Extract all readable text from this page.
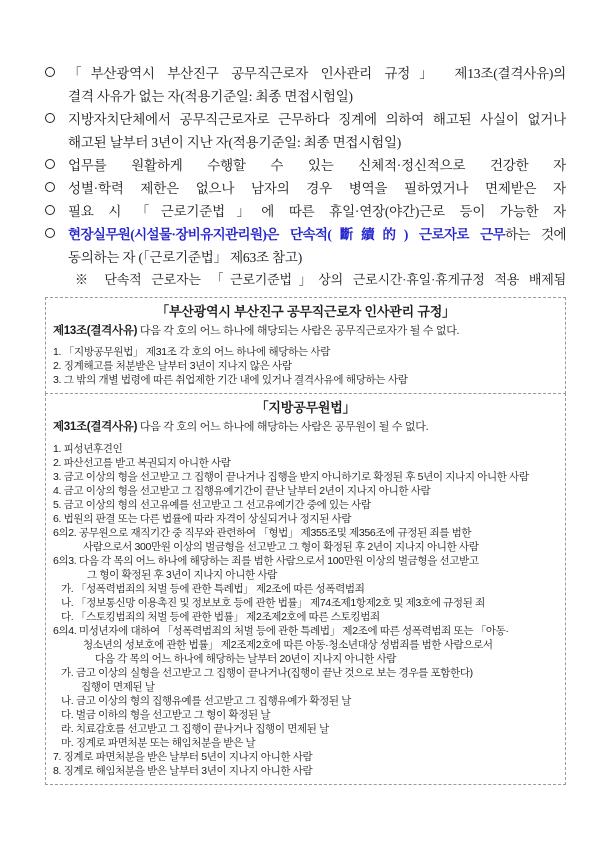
「부산광역시 부산진구 공무직근로자 인사관리 규정」 제13조(결격사유)의
결격 사유가 없는 자(적용기준일: 최종 면접시험일)
지방자치단체에서 공무직근로자로 근무하다 징계에 의하여 해고된 사실이 없거나
해고된 날부터 3년이 지난 자(적용기준일: 최종 면접시험일)
업무를 원활하게 수행할 수 있는 신체적·정신적으로 건강한 자
성별·학력 제한은 없으나 남자의 경우 병역을 필하였거나 면제받은 자
필요 시 「근로기준법」에 따른 휴일·연장(야간)근로 등이 가능한 자
현장실무원(시설물·장비유지관리원)은 단속적(斷續的) 근로자로 근무하는 것에
동의하는 자 (「근로기준법」 제63조 참고)
※ 단속적 근로자는 「근로기준법」상의 근로시간·휴일·휴게규정 적용 배제됨
「부산광역시 부산진구 공무직근로자 인사관리 규정」
제13조(결격사유) 다음 각 호의 어느 하나에 해당되는 사람은 공무직근로자가 될 수 없다.
1. 「지방공무원법」 제31조 각 호의 어느 하나에 해당하는 사람
2. 징계해고를 처분받은 날부터 3년이 지나지 않은 사람
3. 그 밖의 개별 법령에 따른 취업제한 기간 내에 있거나 결격사유에 해당하는 사람
「지방공무원법」
제31조(결격사유) 다음 각 호의 어느 하나에 해당하는 사람은 공무원이 될 수 없다.
1. 피성년후견인
2. 파산선고를 받고 복권되지 아니한 사람
3. 금고 이상의 형을 선고받고 그 집행이 끝나거나 집행을 받지 아니하기로 확정된 후 5년이 지나지 아니한 사람
4. 금고 이상의 형을 선고받고 그 집행유예기간이 끝난 날부터 2년이 지나지 아니한 사람
5. 금고 이상의 형의 선고유예를 선고받고 그 선고유예기간 중에 있는 사람
6. 법원의 판결 또는 다른 법률에 따라 자격이 상실되거나 정지된 사람
6의2. 공무원으로 재직기간 중 직무와 관련하여 「형법」 제355조및 제356조에 규정된 죄를 범한
사람으로서 300만원 이상의 벌금형을 선고받고 그 형이 확정된 후 2년이 지나지 아니한 사람
6의3. 다음 각 목의 어느 하나에 해당하는 죄를 범한 사람으로서 100만원 이상의 벌금형을 선고받고
그 형이 확정된 후 3년이 지나지 아니한 사람
가. 「성폭력범죄의 처벌 등에 관한 특례법」 제2조에 따른 성폭력범죄
나. 「정보통신망 이용촉진 및 정보보호 등에 관한 법률」 제74조제1항제2호 및 제3호에 규정된 죄
다. 「스토킹범죄의 처벌 등에 관한 법률」 제2조제2호에 따른 스토킹범죄
6의4. 미성년자에 대하여 「성폭력범죄의 처벌 등에 관한 특례법」 제2조에 따른 성폭력범죄 또는 「아동·
청소년의 성보호에 관한 법률」 제2조제2호에 따른 아동·청소년대상 성범죄를 범한 사람으로서
다음 각 목의 어느 하나에 해당하는 날부터 20년이 지나지 아니한 사람
가. 금고 이상의 실형을 선고받고 그 집행이 끝나거나(집행이 끝난 것으로 보는 경우를 포함한다)
집행이 면제된 날
나. 금고 이상의 형의 집행유예를 선고받고 그 집행유예가 확정된 날
다. 벌금 이하의 형을 선고받고 그 형이 확정된 날
라. 치료감호를 선고받고 그 집행이 끝나거나 집행이 면제된 날
마. 징계로 파면처분 또는 해임처분을 받은 날
7. 징계로 파면처분을 받은 날부터 5년이 지나지 아니한 사람
8. 징계로 해임처분을 받은 날부터 3년이 지나지 아니한 사람
